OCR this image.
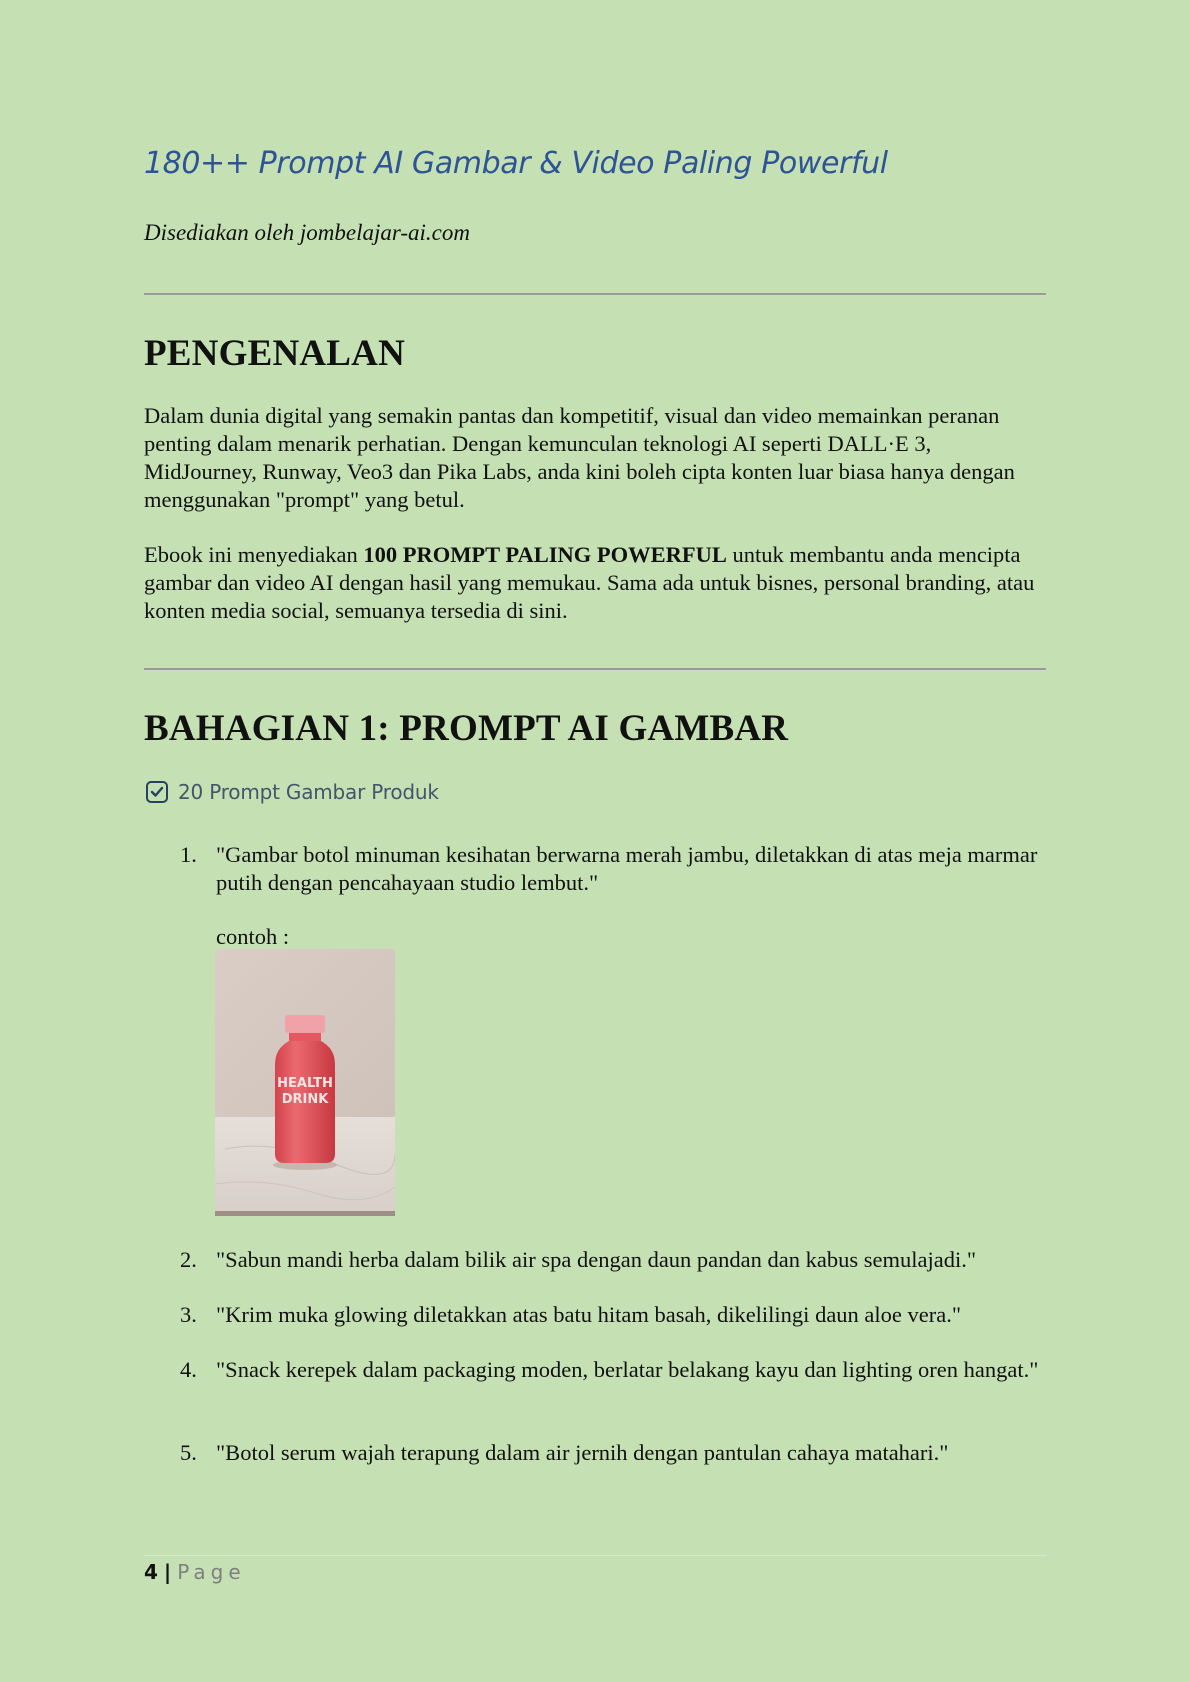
180++ Prompt AI Gambar & Video Paling Powerful

Disediakan oleh jombelajar-ai.com

PENGENALAN

Dalam dunia digital yang semakin pantas dan kompetitif, visual dan video memainkan peranan penting dalam menarik perhatian. Dengan kemunculan teknologi AI seperti DALL·E 3, MidJourney, Runway, Veo3 dan Pika Labs, anda kini boleh cipta konten luar biasa hanya dengan menggunakan "prompt" yang betul.

Ebook ini menyediakan 100 PROMPT PALING POWERFUL untuk membantu anda mencipta gambar dan video AI dengan hasil yang memukau. Sama ada untuk bisnes, personal branding, atau konten media social, semuanya tersedia di sini.

BAHAGIAN 1: PROMPT AI GAMBAR
20 Prompt Gambar Produk
1. "Gambar botol minuman kesihatan berwarna merah jambu, diletakkan di atas meja marmar putih dengan pencahayaan studio lembut."
contoh :
HEALTH
DRINK
2. "Sabun mandi herba dalam bilik air spa dengan daun pandan dan kabus semulajadi."
3. "Krim muka glowing diletakkan atas batu hitam basah, dikelilingi daun aloe vera."
4. "Snack kerepek dalam packaging moden, berlatar belakang kayu dan lighting oren hangat."
5. "Botol serum wajah terapung dalam air jernih dengan pantulan cahaya matahari."
4 | Page
